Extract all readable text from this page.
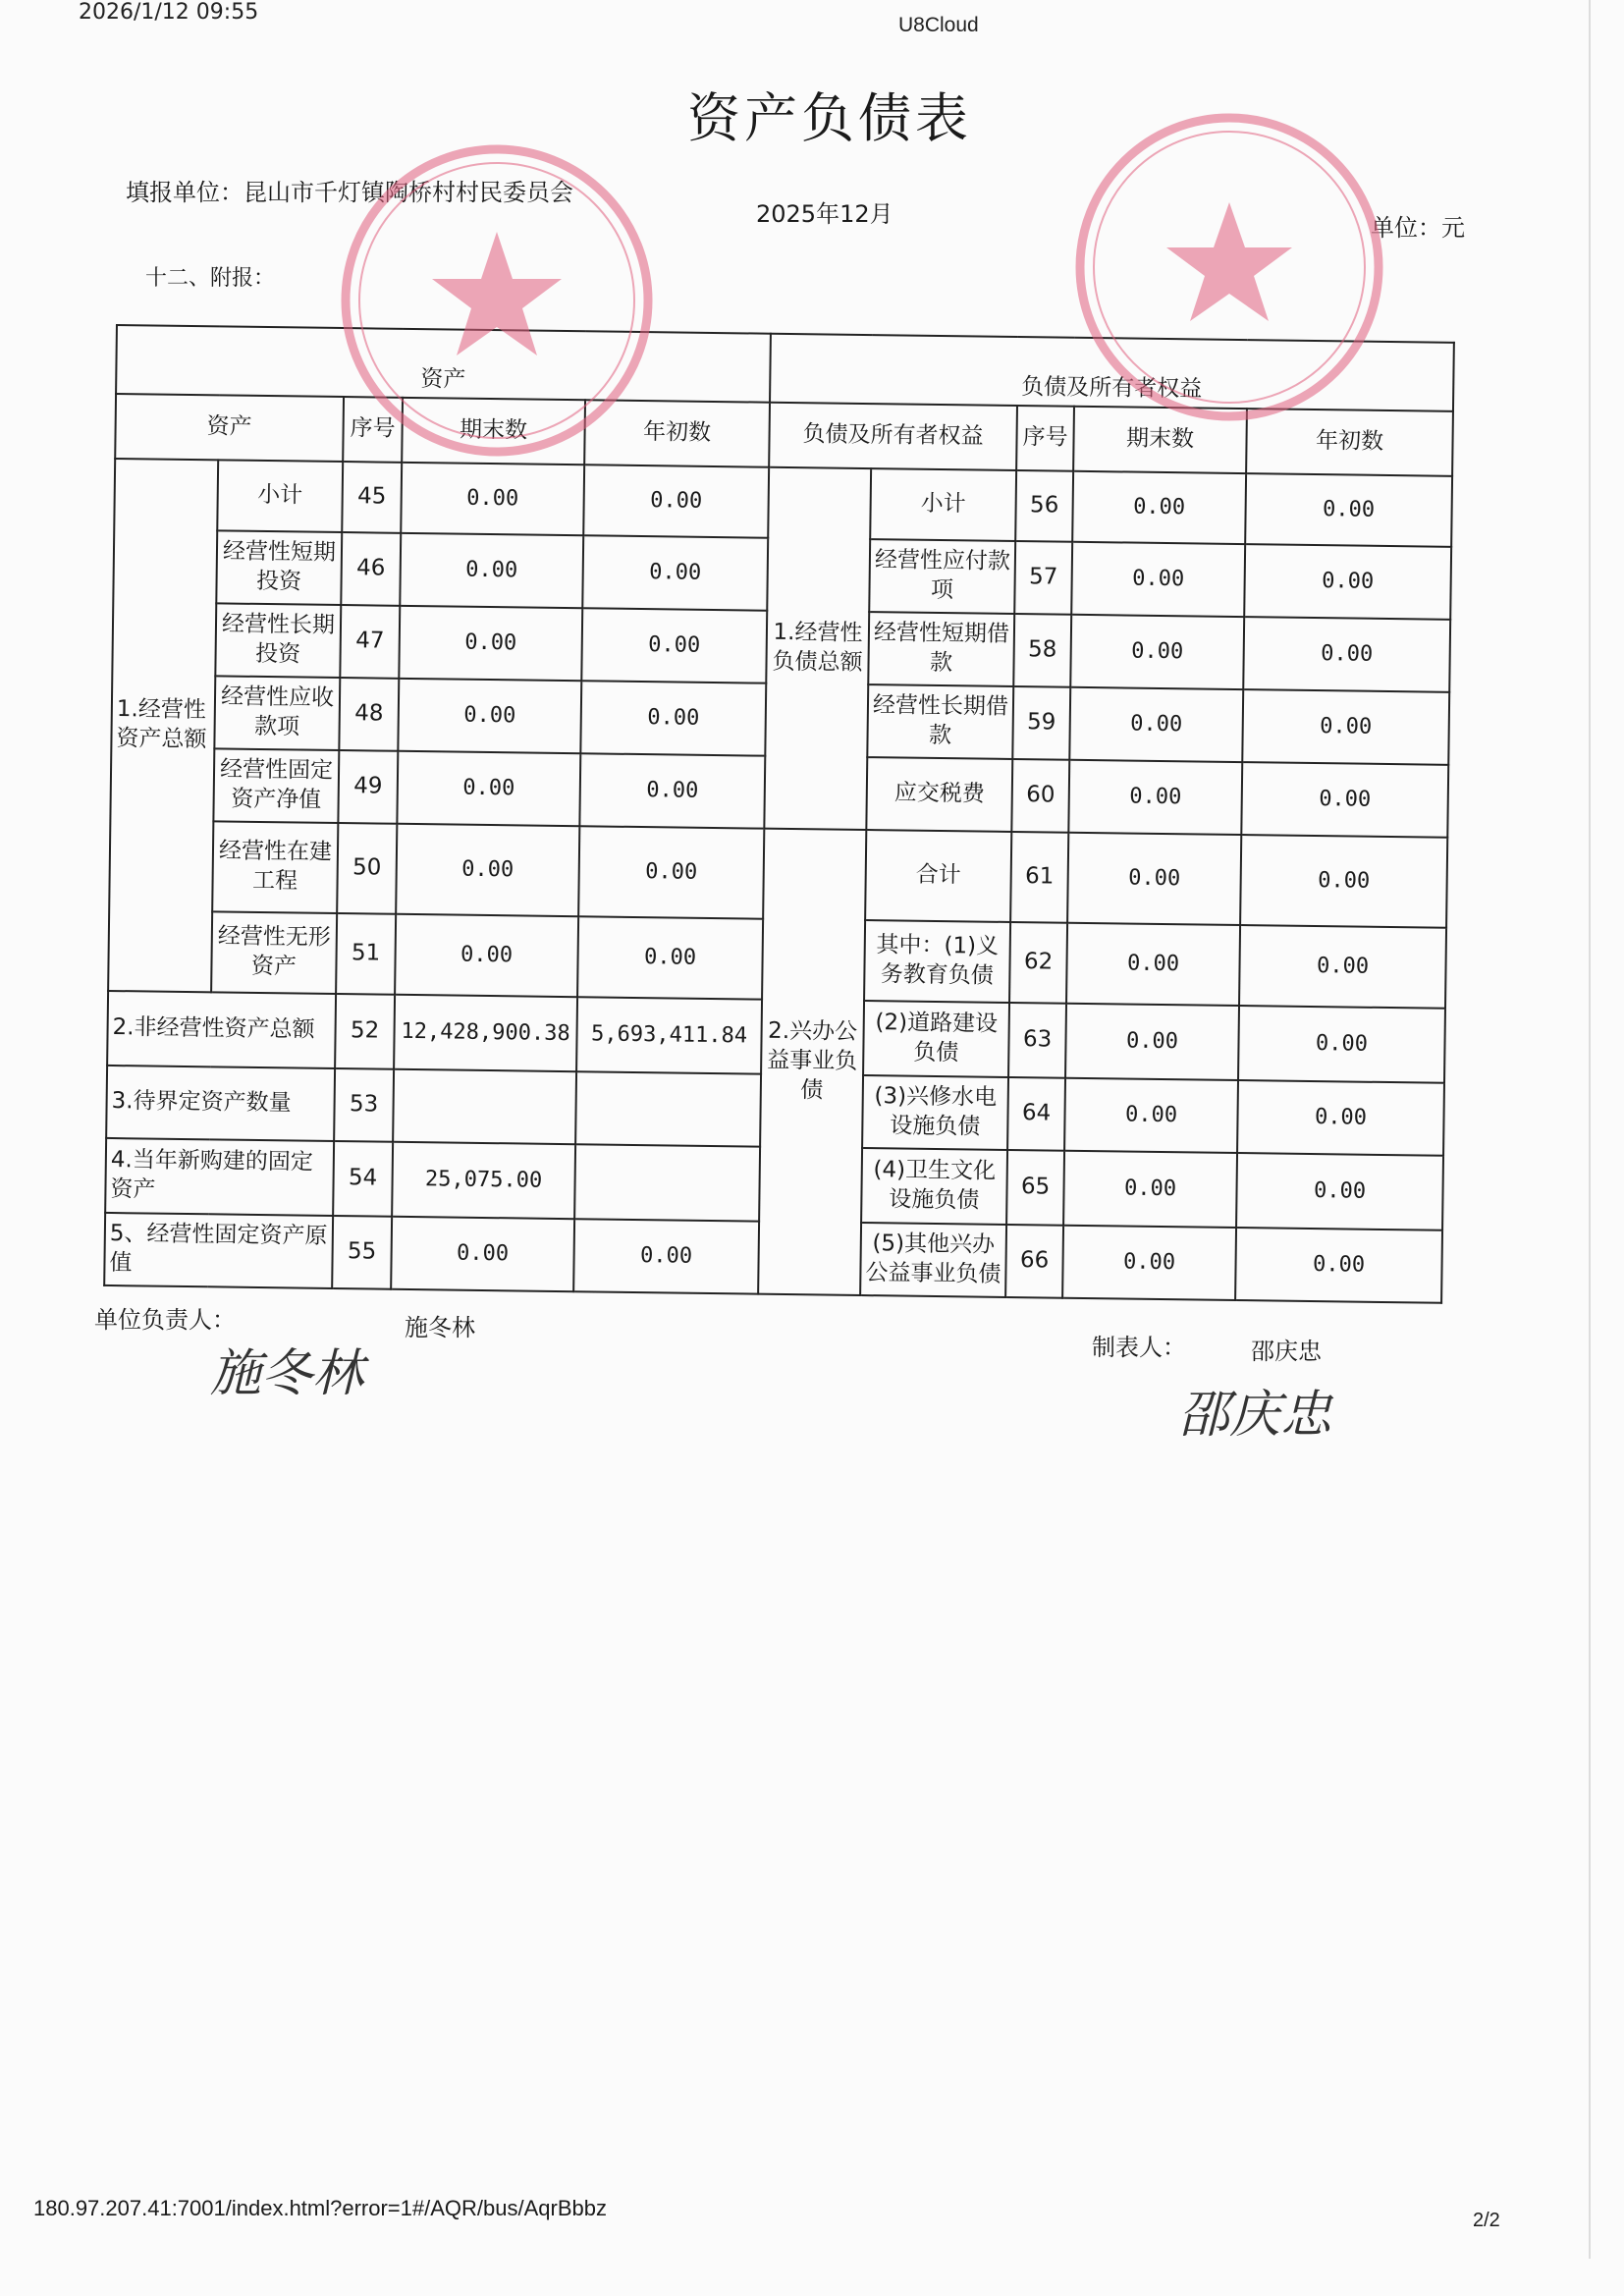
2026/1/12 09:55
U8Cloud
资产负债表
填报单位：昆山市千灯镇陶桥村村民委员会
2025年12月	单位：元
十二、附报：
资产					负债及所有者权益				
资产		序号	期末数	年初数	负债及所有者权益		序号	期末数	年初数
1.经营性资产总额	小计	45	0.00	0.00	1.经营性负债总额	小计	56	0.00	0.00
	经营性短期投资	46	0.00	0.00		经营性应付款项	57	0.00	0.00
	经营性长期投资	47	0.00	0.00		经营性短期借款	58	0.00	0.00
	经营性应收款项	48	0.00	0.00		经营性长期借款	59	0.00	0.00
	经营性固定资产净值	49	0.00	0.00		应交税费	60	0.00	0.00
	经营性在建工程	50	0.00	0.00	2.兴办公益事业负债	合计	61	0.00	0.00
	经营性无形资产	51	0.00	0.00		其中：(1)义务教育负债	62	0.00	0.00
2.非经营性资产总额		52	12,428,900.38	5,693,411.84		(2)道路建设负债	63	0.00	0.00
3.待界定资产数量		53				(3)兴修水电设施负债	64	0.00	0.00
4.当年新购建的固定资产		54	25,075.00			(4)卫生文化设施负债	65	0.00	0.00
5、经营性固定资产原值		55	0.00	0.00		(5)其他兴办公益事业负债	66	0.00	0.00
单位负责人：	施冬林
施冬林	制表人：	邵庆忠
邵庆忠
180.97.207.41:7001/index.html?error=1#/AQR/bus/AqrBbbz	2/2
